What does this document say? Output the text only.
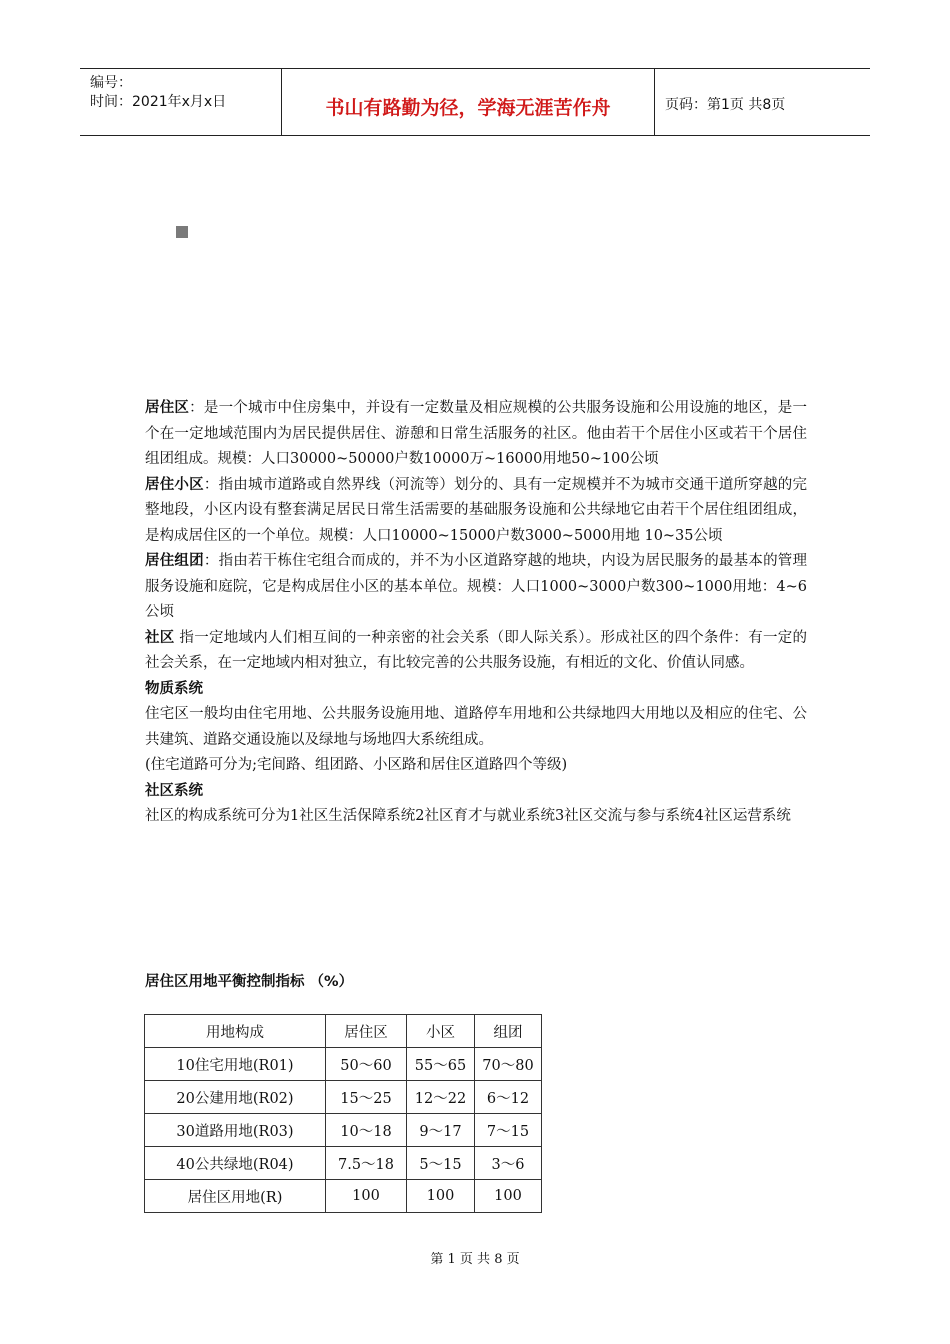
编号：
时间：2021年x月x日	书山有路勤为径，学海无涯苦作舟	页码：第1页 共8页

居住区：是一个城市中住房集中，并设有一定数量及相应规模的公共服务设施和公用设施的地区，是一个在一定地域范围内为居民提供居住、游憩和日常生活服务的社区。他由若干个居住小区或若干个居住组团组成。规模：人口30000~50000户数10000万~16000用地50~100公顷

居住小区：指由城市道路或自然界线（河流等）划分的、具有一定规模并不为城市交通干道所穿越的完整地段，小区内设有整套满足居民日常生活需要的基础服务设施和公共绿地它由若干个居住组团组成，是构成居住区的一个单位。规模：人口10000~15000户数3000~5000用地 10~35公顷

居住组团：指由若干栋住宅组合而成的，并不为小区道路穿越的地块，内设为居民服务的最基本的管理服务设施和庭院，它是构成居住小区的基本单位。规模：人口1000~3000户数300~1000用地：4~6公顷

社区 指一定地域内人们相互间的一种亲密的社会关系（即人际关系）。形成社区的四个条件：有一定的社会关系，在一定地域内相对独立，有比较完善的公共服务设施，有相近的文化、价值认同感。

物质系统

住宅区一般均由住宅用地、公共服务设施用地、道路停车用地和公共绿地四大用地以及相应的住宅、公共建筑、道路交通设施以及绿地与场地四大系统组成。

(住宅道路可分为;宅间路、组团路、小区路和居住区道路四个等级)

社区系统

社区的构成系统可分为1社区生活保障系统2社区育才与就业系统3社区交流与参与系统4社区运营系统

居住区用地平衡控制指标 （%）
用地构成	居住区	小区	组团
10住宅用地(R01)	50～60	55～65	70～80
20公建用地(R02)	15～25	12～22	6～12
30道路用地(R03)	10～18	9～17	7～15
40公共绿地(R04)	7.5～18	5～15	3～6
居住区用地(R)	100	100	100
第 1 页 共 8 页
